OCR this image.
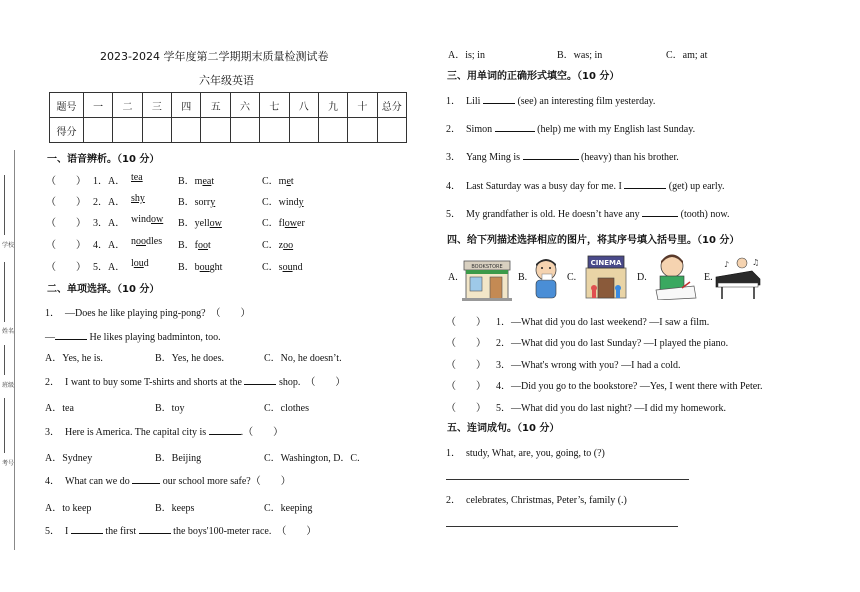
学校
姓名
班级
考号
2023-2024 学年度第二学期期末质量检测试卷
六年级英语
题号	一	二	三	四	五	六	七	八	九	十	总分
得分											
一、语音辨析。（10 分）
（　　） 1．A． tea	B．meat	C．met
（　　） 2．A． shy	B．sorry	C．windy
（　　） 3．A． window B．yellow	C．flower
（　　） 4．A． noodles B．foot	C．zoo
（　　） 5．A． loud	B．bought	C．sound
二、单项选择。（10 分）
1．　—Does he like playing ping-pong?　（　　）
—	He likes playing badminton, too.
A．Yes, he is.	B．Yes, he does.	C．No, he doesn’t.
2．　I want to buy some T-shirts and shorts at the	shop.　（　　）
A．tea	B．toy	C．clothes
3．　Here is America. The capital city is	.（　　）
A．Sydney	B．Beijing	C．Washington, D．C.
4．　What can we do	our school more safe?（　　）
A．to keep	B．keeps	C．keeping
5．　I	the first	the boys'100-meter race.　（　　）
A．is; in	B．was; in	C．am; at
三、用单词的正确形式填空。（10 分）
1．　Lili	(see) an interesting film yesterday.
2．　Simon	(help) me with my English last Sunday.
3．　Yang Ming is	(heavy) than his brother.
4．　Last Saturday was a busy day for me. I	(get) up early.
5．　My grandfather is old. He doesn’t have any	(tooth) now.
四、给下列描述选择相应的图片，将其序号填入括号里。（10 分）
A.
BOOKSTORE
B.	C.
CINEMA
D.	E.
♪	♫
（　　） 1．—What did you do last weekend? —I saw a film.
（　　） 2．—What did you do last Sunday? —I played the piano.
（　　） 3．—What's wrong with you? —I had a cold.
（　　） 4．—Did you go to the bookstore? —Yes, I went there with Peter.
（　　） 5．—What did you do last night? —I did my homework.
五、连词成句。（10 分）
1．　study, What, are, you, going, to (?)
2．　celebrates, Christmas, Peter’s, family (.)
